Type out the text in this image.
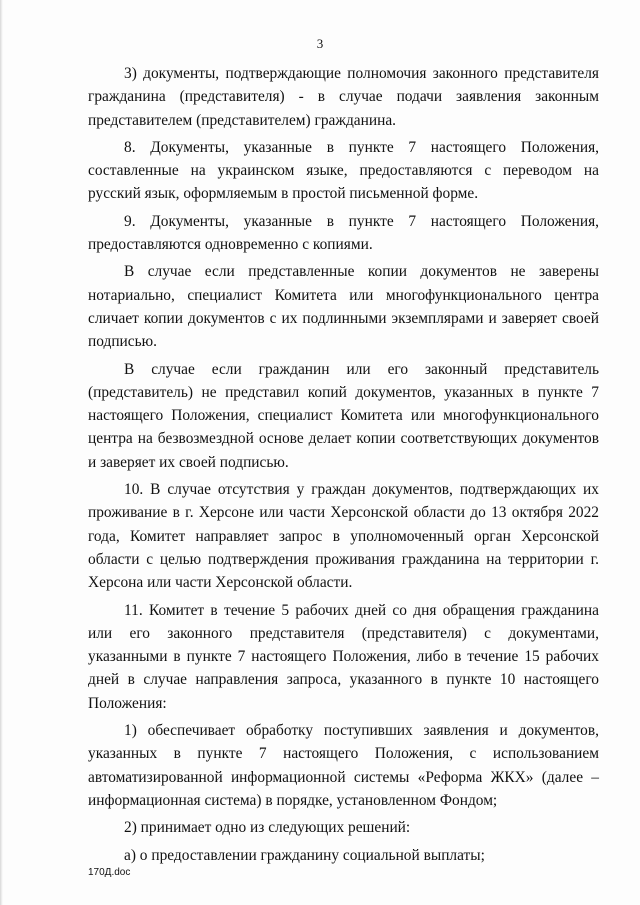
3

3) документы, подтверждающие полномочия законного представителя гражданина (представителя) - в случае подачи заявления законным представителем (представителем) гражданина.

8. Документы, указанные в пункте 7 настоящего Положения, составленные на украинском языке, предоставляются с переводом на русский язык, оформляемым в простой письменной форме.

9. Документы, указанные в пункте 7 настоящего Положения, предоставляются одновременно с копиями.

В случае если представленные копии документов не заверены нотариально, специалист Комитета или многофункционального центра сличает копии документов с их подлинными экземплярами и заверяет своей подписью.

В случае если гражданин или его законный представитель (представитель) не представил копий документов, указанных в пункте 7 настоящего Положения, специалист Комитета или многофункционального центра на безвозмездной основе делает копии соответствующих документов и заверяет их своей подписью.

10. В случае отсутствия у граждан документов, подтверждающих их проживание в г. Херсоне или части Херсонской области до 13 октября 2022 года, Комитет направляет запрос в уполномоченный орган Херсонской области с целью подтверждения проживания гражданина на территории г. Херсона или части Херсонской области.

11. Комитет в течение 5 рабочих дней со дня обращения гражданина или его законного представителя (представителя) с документами, указанными в пункте 7 настоящего Положения, либо в течение 15 рабочих дней в случае направления запроса, указанного в пункте 10 настоящего Положения:

1) обеспечивает обработку поступивших заявления и документов, указанных в пункте 7 настоящего Положения, с использованием автоматизированной информационной системы «Реформа ЖКХ» (далее – информационная система) в порядке, установленном Фондом;

2) принимает одно из следующих решений:

а) о предоставлении гражданину социальной выплаты;

170Д.doc
